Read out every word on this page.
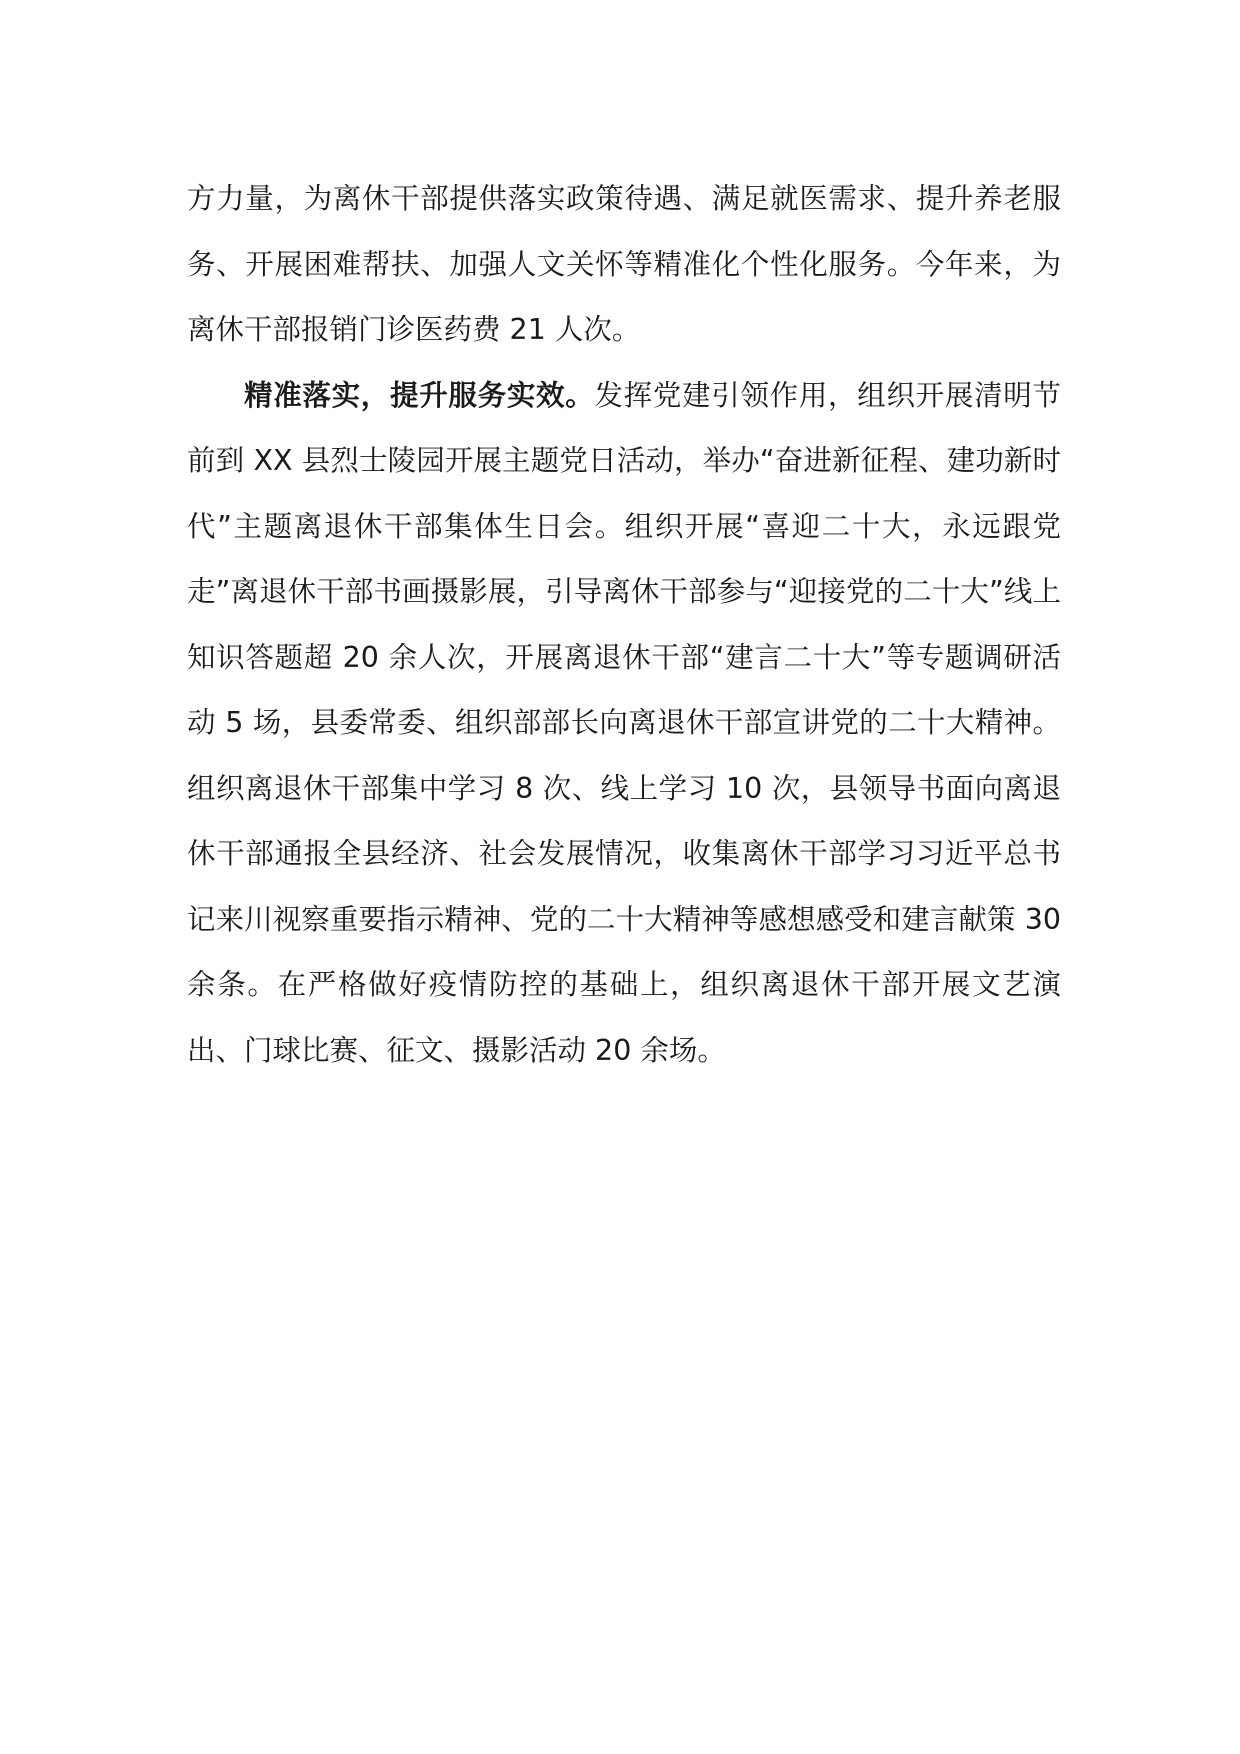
方力量，为离休干部提供落实政策待遇、满足就医需求、提升养老服务、开展困难帮扶、加强人文关怀等精准化个性化服务。今年来，为离休干部报销门诊医药费 21 人次。

精准落实，提升服务实效。发挥党建引领作用，组织开展清明节前到 XX 县烈士陵园开展主题党日活动，举办“奋进新征程、建功新时代”主题离退休干部集体生日会。组织开展“喜迎二十大，永远跟党走”离退休干部书画摄影展，引导离休干部参与“迎接党的二十大”线上知识答题超 20 余人次，开展离退休干部“建言二十大”等专题调研活动 5 场，县委常委、组织部部长向离退休干部宣讲党的二十大精神。组织离退休干部集中学习 8 次、线上学习 10 次，县领导书面向离退休干部通报全县经济、社会发展情况，收集离休干部学习习近平总书记来川视察重要指示精神、党的二十大精神等感想感受和建言献策 30 余条。在严格做好疫情防控的基础上，组织离退休干部开展文艺演出、门球比赛、征文、摄影活动 20 余场。
